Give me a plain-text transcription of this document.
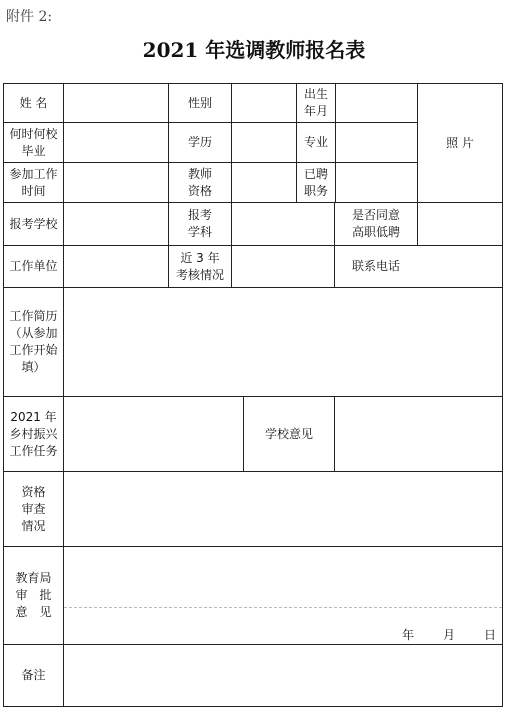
附件 2:
2021 年选调教师报名表
姓 名	性别
出生
年月
照 片
何时何校
毕业
学历	专业
参加工作
时间
教师
资格
已聘
职务
报考学校
报考
学科
是否同意
高职低聘
工作单位
近 3 年
考核情况
联系电话
工作简历
（从参加
工作开始
填）
2021 年
乡村振兴
工作任务
学校意见
资格
审查
情况
教育局
审　批
意　见
年 月 日
备注
